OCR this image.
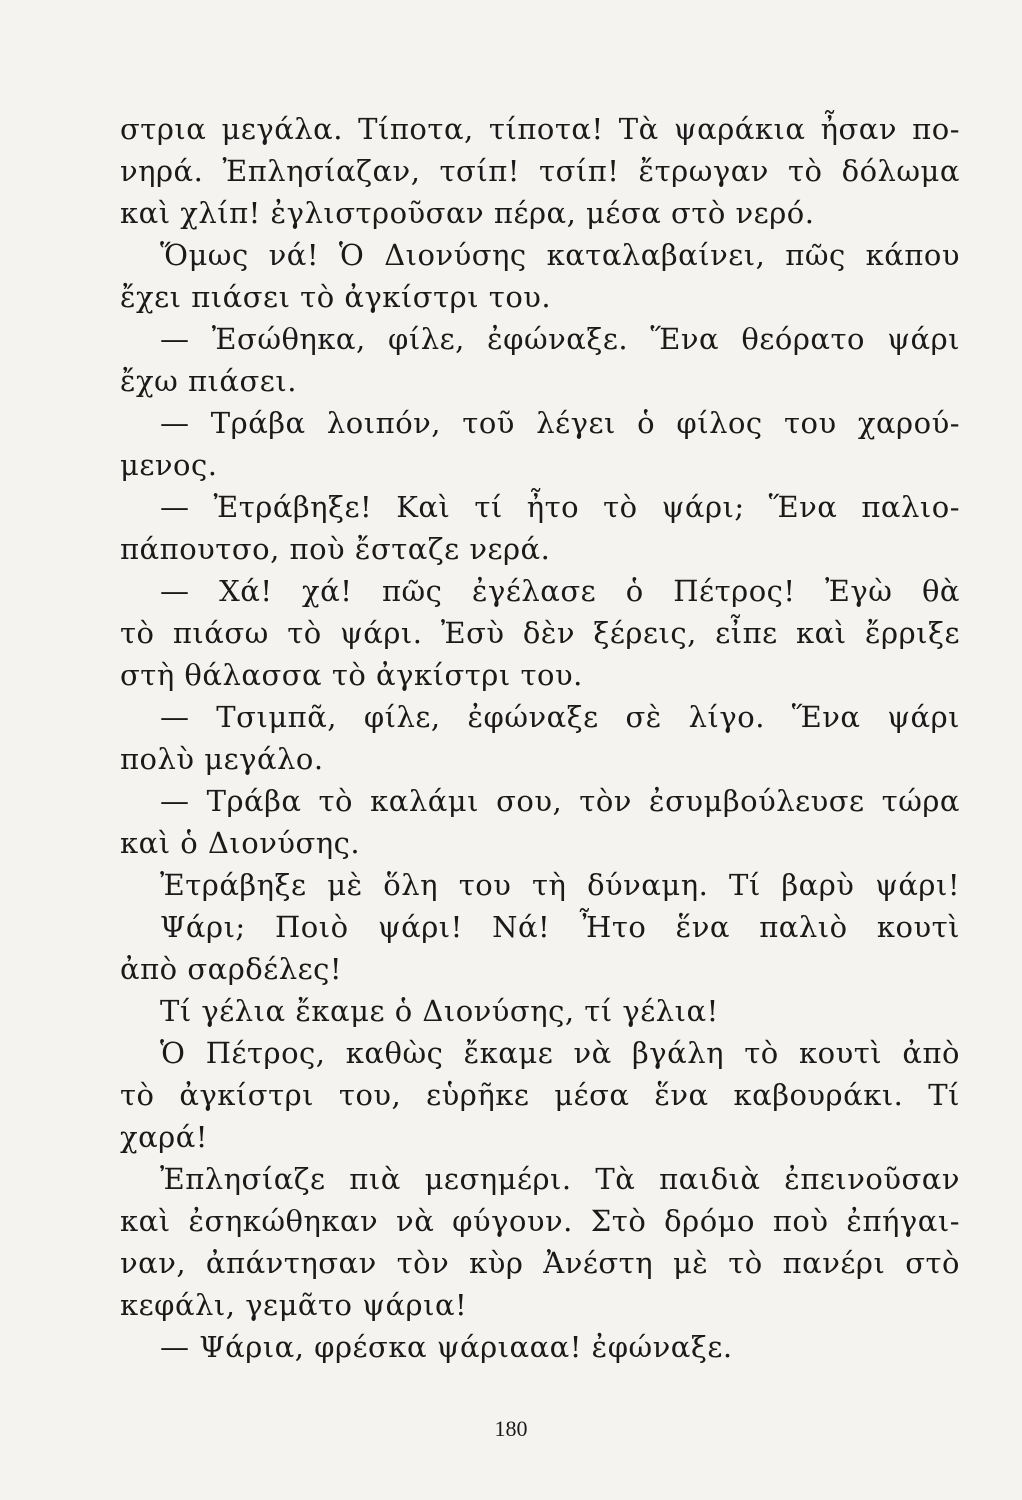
στρια μεγάλα. Τίποτα, τίποτα! Τὰ ψαράκια ἦσαν πο-
νηρά. Ἐπλησίαζαν, τσίπ! τσίπ! ἔτρωγαν τὸ δόλωμα
καὶ χλίπ! ἐγλιστροῦσαν πέρα, μέσα στὸ νερό.
Ὅμως νά! Ὁ Διονύσης καταλαβαίνει, πῶς κάπου
ἔχει πιάσει τὸ ἀγκίστρι του.
— Ἐσώθηκα, φίλε, ἐφώναξε. Ἕνα θεόρατο ψάρι
ἔχω πιάσει.
— Τράβα λοιπόν, τοῦ λέγει ὁ φίλος του χαρού-
μενος.
— Ἐτράβηξε! Καὶ τί ἦτο τὸ ψάρι; Ἕνα παλιο-
πάπουτσο, ποὺ ἔσταζε νερά.
— Χά! χά! πῶς ἐγέλασε ὁ Πέτρος! Ἐγὼ θὰ
τὸ πιάσω τὸ ψάρι. Ἐσὺ δὲν ξέρεις, εἶπε καὶ ἔρριξε
στὴ θάλασσα τὸ ἀγκίστρι του.
— Τσιμπᾶ, φίλε, ἐφώναξε σὲ λίγο. Ἕνα ψάρι
πολὺ μεγάλο.
— Τράβα τὸ καλάμι σου, τὸν ἐσυμβούλευσε τώρα
καὶ ὁ Διονύσης.
Ἐτράβηξε μὲ ὅλη του τὴ δύναμη. Τί βαρὺ ψάρι!
Ψάρι; Ποιὸ ψάρι! Νά! Ἦτο ἕνα παλιὸ κουτὶ
ἀπὸ σαρδέλες!
Τί γέλια ἔκαμε ὁ Διονύσης, τί γέλια!
Ὁ Πέτρος, καθὼς ἔκαμε νὰ βγάλη τὸ κουτὶ ἀπὸ
τὸ ἀγκίστρι του, εὑρῆκε μέσα ἕνα καβουράκι. Τί
χαρά!
Ἐπλησίαζε πιὰ μεσημέρι. Τὰ παιδιὰ ἐπεινοῦσαν
καὶ ἐσηκώθηκαν νὰ φύγουν. Στὸ δρόμο ποὺ ἐπήγαι-
ναν, ἀπάντησαν τὸν κὺρ Ἀνέστη μὲ τὸ πανέρι στὸ
κεφάλι, γεμᾶτο ψάρια!
— Ψάρια, φρέσκα ψάριααα! ἐφώναξε.
180
